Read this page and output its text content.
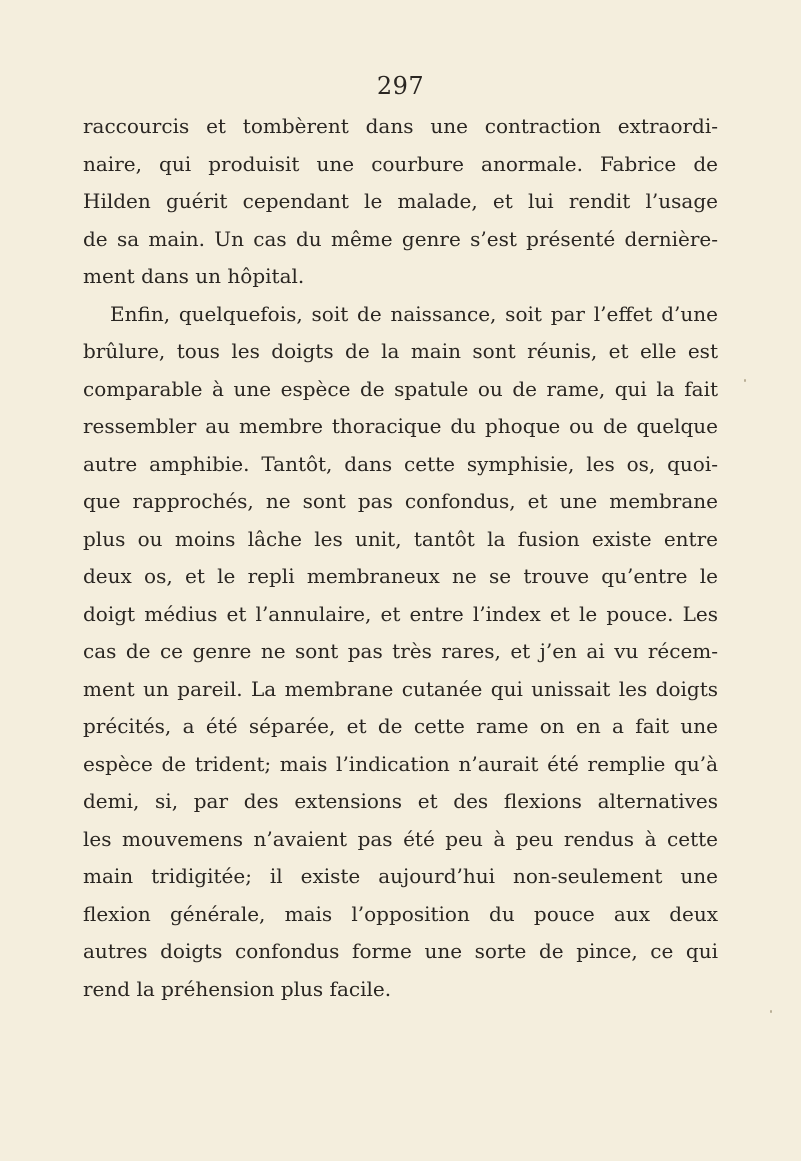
297
raccourcis et tombèrent dans une contraction extraordi-
naire, qui produisit une courbure anormale. Fabrice de
Hilden guérit cependant le malade, et lui rendit l’usage
de sa main. Un cas du même genre s’est présenté dernière-
ment dans un hôpital.
Enfin, quelquefois, soit de naissance, soit par l’effet d’une
brûlure, tous les doigts de la main sont réunis, et elle est
comparable à une espèce de spatule ou de rame, qui la fait
ressembler au membre thoracique du phoque ou de quelque
autre amphibie. Tantôt, dans cette symphisie, les os, quoi-
que rapprochés, ne sont pas confondus, et une membrane
plus ou moins lâche les unit, tantôt la fusion existe entre
deux os, et le repli membraneux ne se trouve qu’entre le
doigt médius et l’annulaire, et entre l’index et le pouce. Les
cas de ce genre ne sont pas très rares, et j’en ai vu récem-
ment un pareil. La membrane cutanée qui unissait les doigts
précités, a été séparée, et de cette rame on en a fait une
espèce de trident; mais l’indication n’aurait été remplie qu’à
demi, si, par des extensions et des flexions alternatives
les mouvemens n’avaient pas été peu à peu rendus à cette
main tridigitée; il existe aujourd’hui non-seulement une
flexion générale, mais l’opposition du pouce aux deux
autres doigts confondus forme une sorte de pince, ce qui
rend la préhension plus facile.
